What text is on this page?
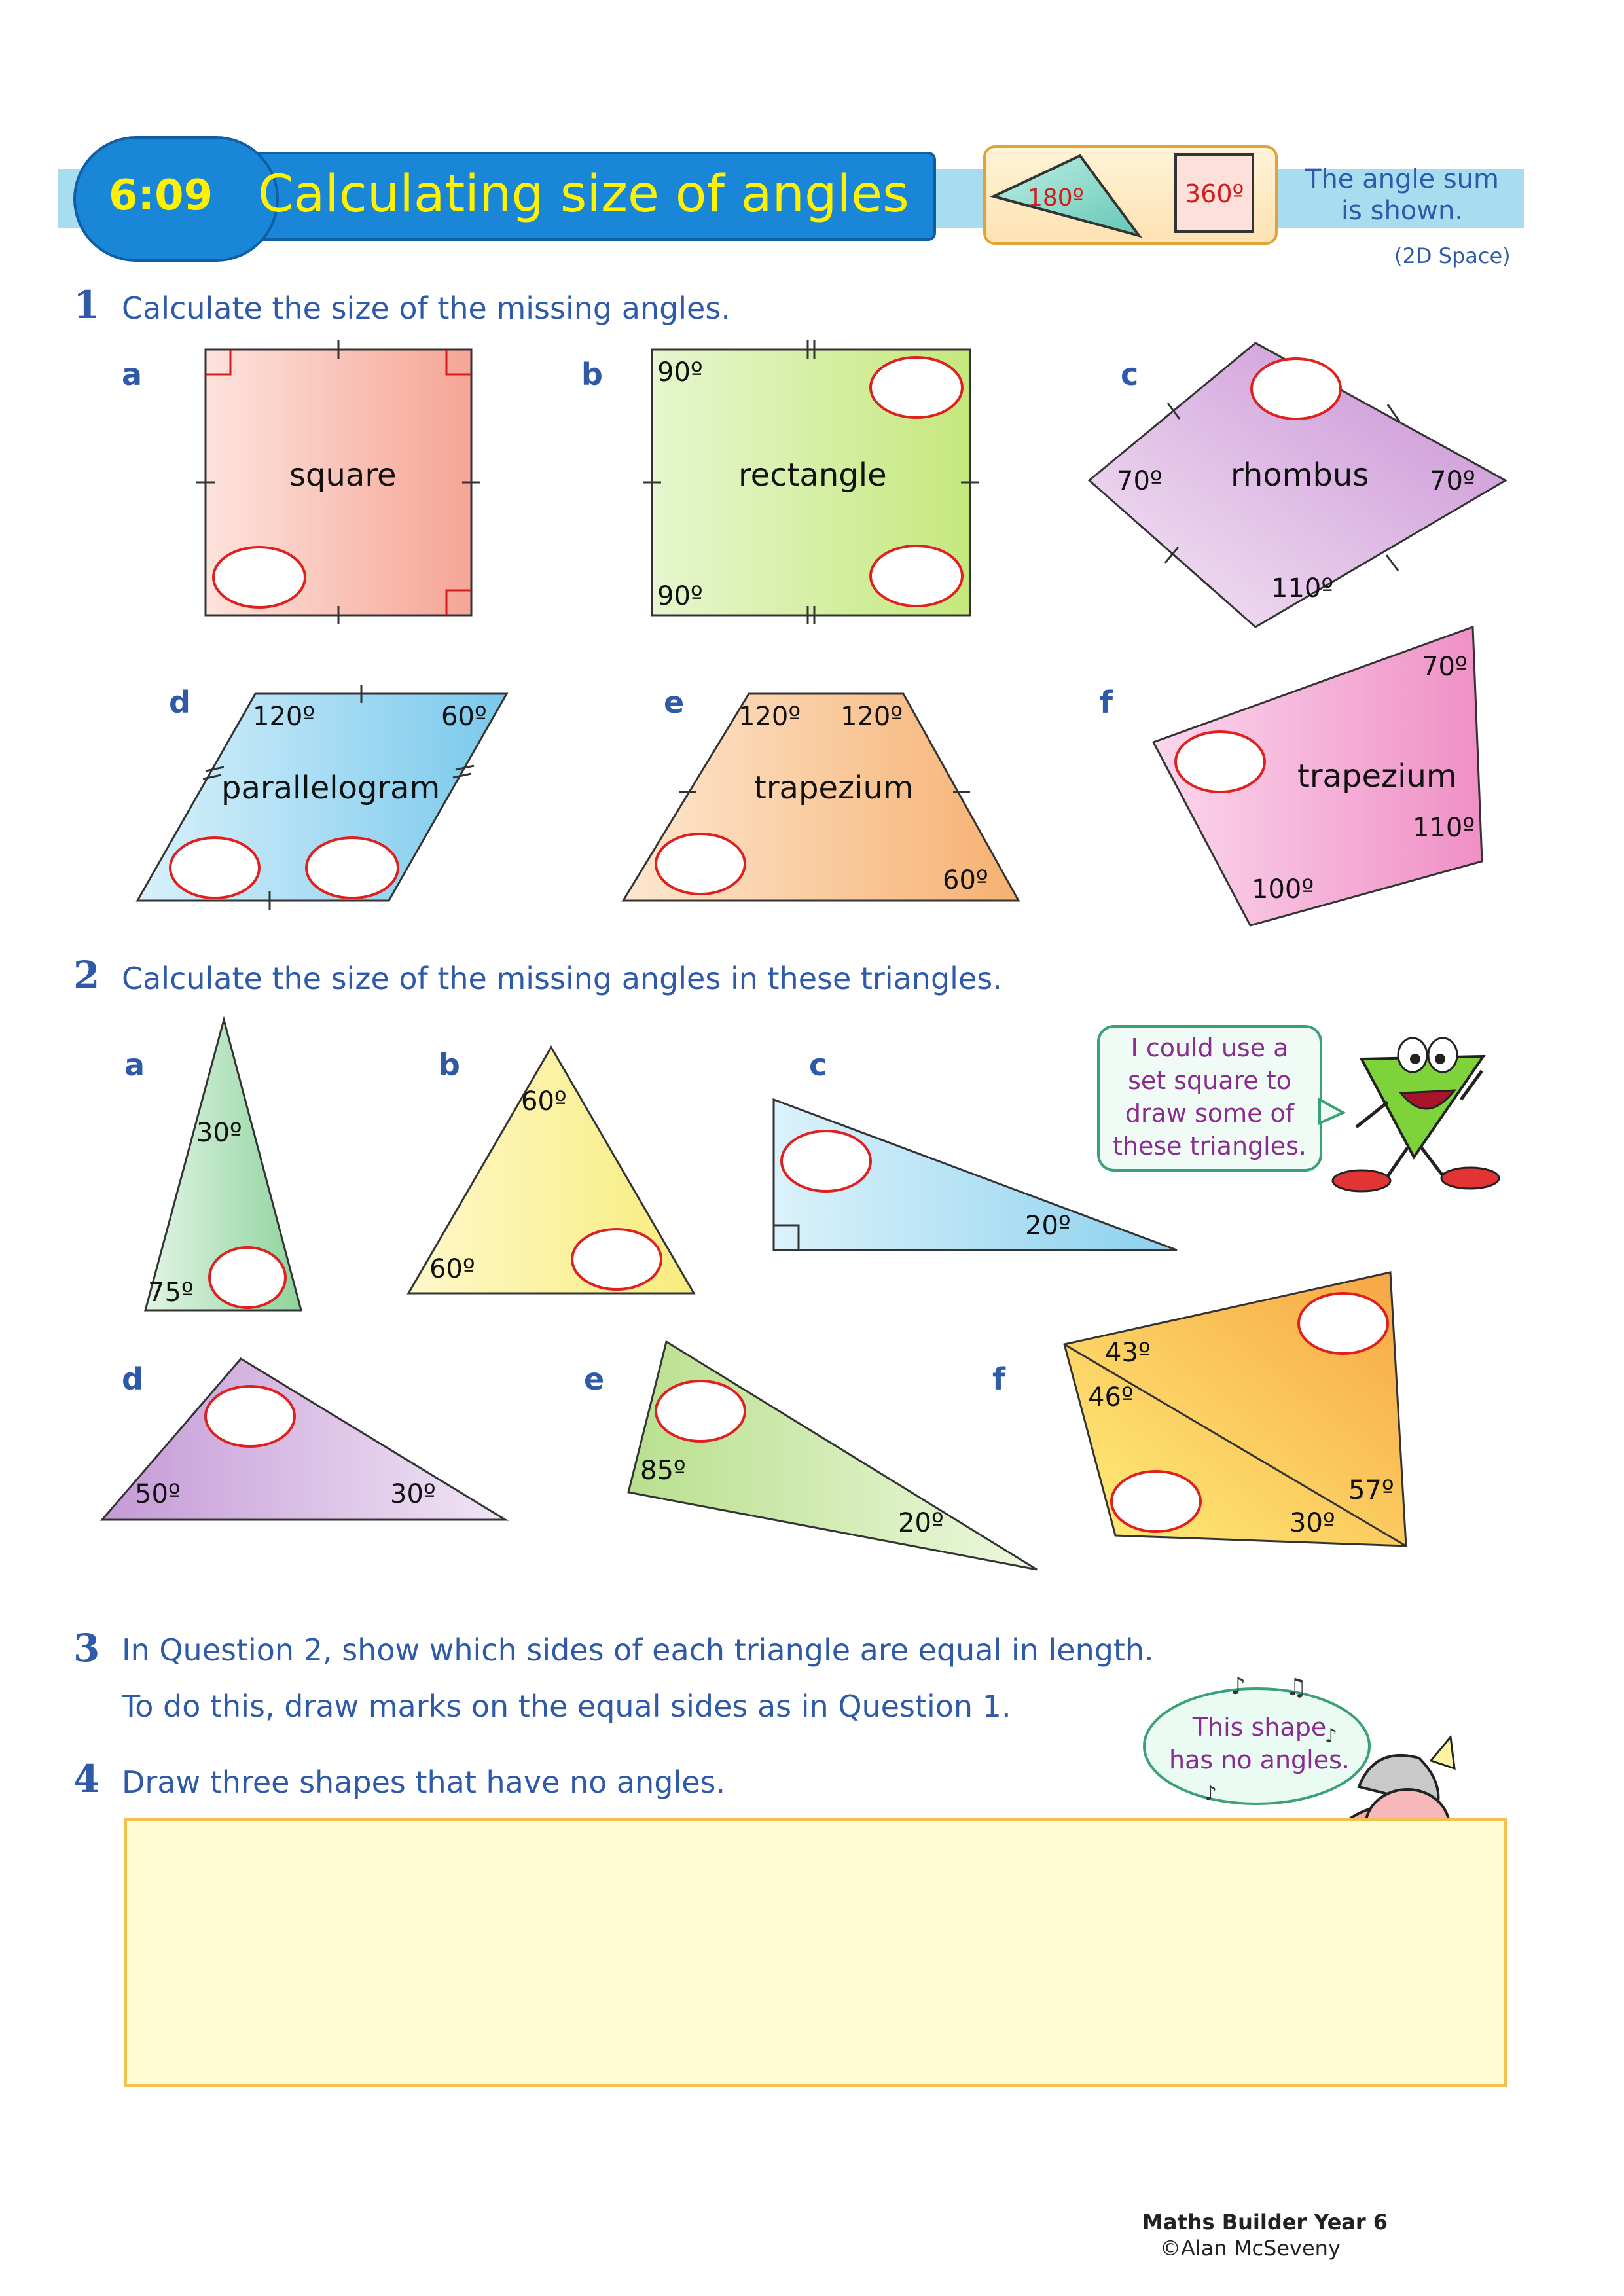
6:09 Calculating size of angles	180º	360º	The angle sum
is shown.
(2D Space)
1 Calculate the size of the missing angles.
a	b	c
d	e	f
2 Calculate the size of the missing angles in these triangles.
a	b	c
d	e	f
♪ ♫
♪
♪
90º
90º
70º	70º
110º
120º	60º	120º 120º
60º
70º
110º
100º
square	rectangle	rhombus
parallelogram	trapezium	trapezium
30º
75º
60º
60º
20º
50º	30º
85º
20º
43º
46º
57º
30º
I could use a
set square to
draw some of
these triangles.
3 In Question 2, show which sides of each triangle are equal in length.
To do this, draw marks on the equal sides as in Question 1.
4 Draw three shapes that have no angles.
This shape
has no angles.
Maths Builder Year 6
©Alan McSeveny
